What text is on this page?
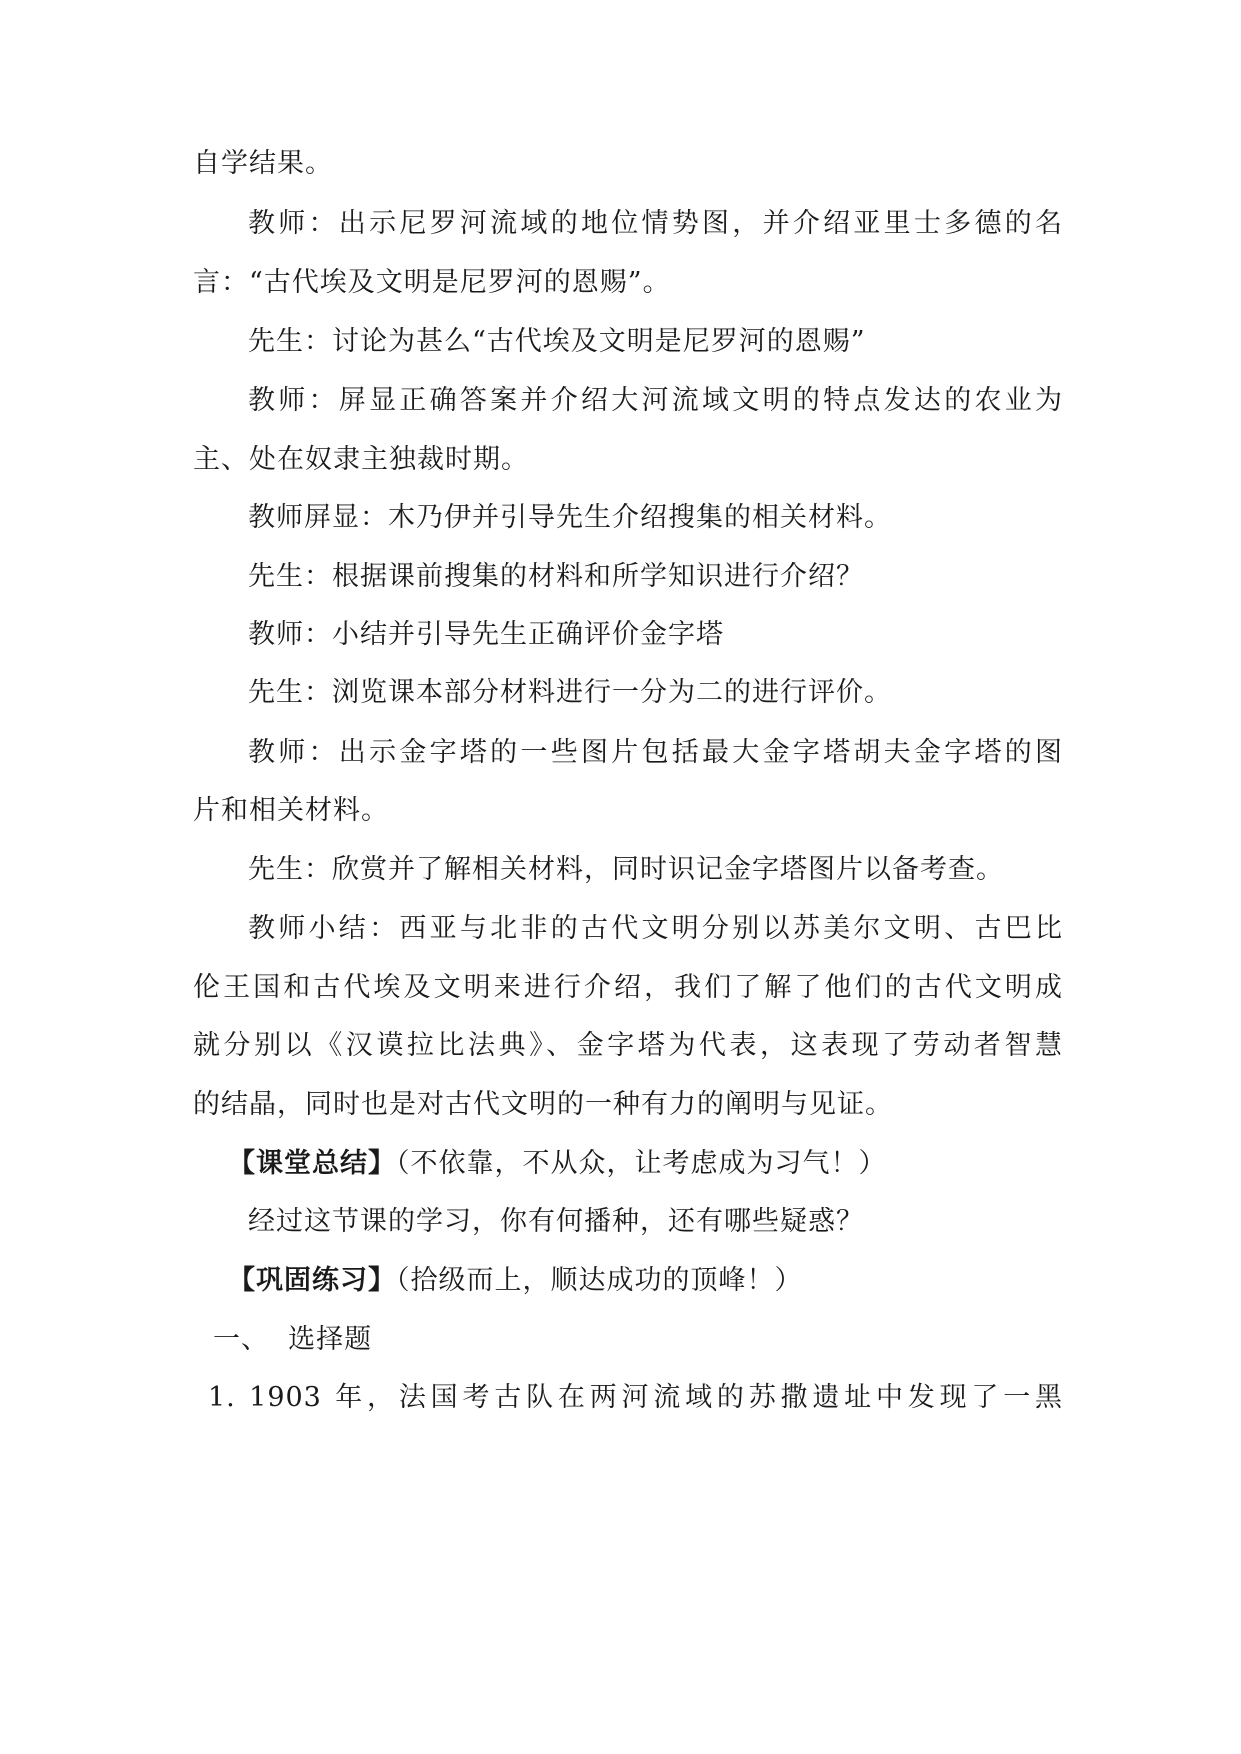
自学结果。
教师：出示尼罗河流域的地位情势图，并介绍亚里士多德的名
言：“古代埃及文明是尼罗河的恩赐”。
先生：讨论为甚么“古代埃及文明是尼罗河的恩赐”
教师：屏显正确答案并介绍大河流域文明的特点发达的农业为
主、处在奴隶主独裁时期。
教师屏显：木乃伊并引导先生介绍搜集的相关材料。
先生：根据课前搜集的材料和所学知识进行介绍？
教师：小结并引导先生正确评价金字塔
先生：浏览课本部分材料进行一分为二的进行评价。
教师：出示金字塔的一些图片包括最大金字塔胡夫金字塔的图
片和相关材料。
先生：欣赏并了解相关材料，同时识记金字塔图片以备考查。
教师小结：西亚与北非的古代文明分别以苏美尔文明、古巴比
伦王国和古代埃及文明来进行介绍，我们了解了他们的古代文明成
就分别以《汉谟拉比法典》、金字塔为代表，这表现了劳动者智慧
的结晶，同时也是对古代文明的一种有力的阐明与见证。
【课堂总结】（不依靠，不从众，让考虑成为习气！）
经过这节课的学习，你有何播种，还有哪些疑惑？
【巩固练习】（拾级而上，顺达成功的顶峰！）
一、  选择题
1. 1903 年，法国考古队在两河流域的苏撒遗址中发现了一黑
